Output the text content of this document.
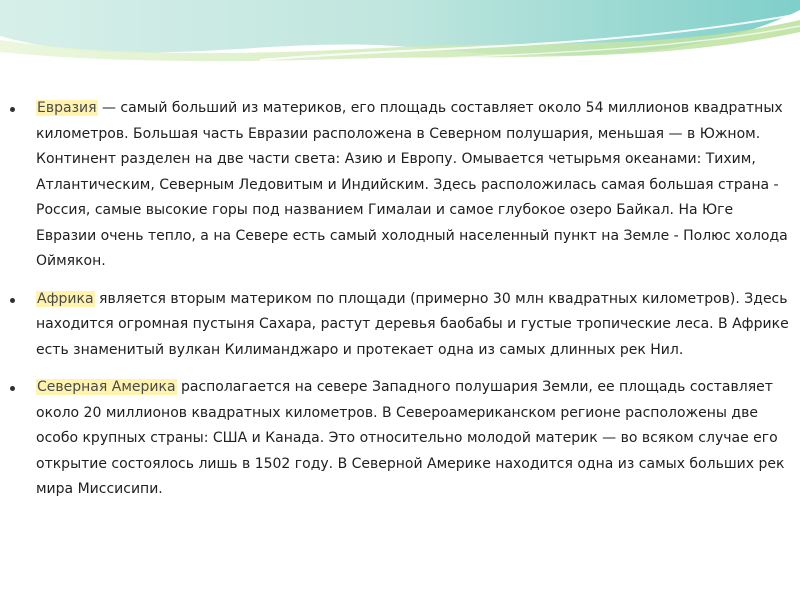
Евразия — самый больший из материков, его площадь составляет около 54 миллионов квадратных километров. Большая часть Евразии расположена в Северном полушария, меньшая — в Южном. Континент разделен на две части света: Азию и Европу. Омывается четырьмя океанами: Тихим, Атлантическим, Северным Ледовитым и Индийским. Здесь расположилась самая большая страна - Россия, самые высокие горы под названием Гималаи и самое глубокое озеро Байкал. На Юге Евразии очень тепло, а на Севере есть самый холодный населенный пункт на Земле - Полюс холода Оймякон.

Африка является вторым материком по площади (примерно 30 млн квадратных километров). Здесь находится огромная пустыня Сахара, растут деревья баобабы и густые тропические леса. В Африке есть знаменитый вулкан Килиманджаро и протекает одна из самых длинных рек Нил.

Северная Америка располагается на севере Западного полушария Земли, ее площадь составляет около 20 миллионов квадратных километров. В Североамериканском регионе расположены две особо крупных страны: США и Канада. Это относительно молодой материк — во всяком случае его открытие состоялось лишь в 1502 году. В Северной Америке находится одна из самых больших рек мира Миссисипи.
